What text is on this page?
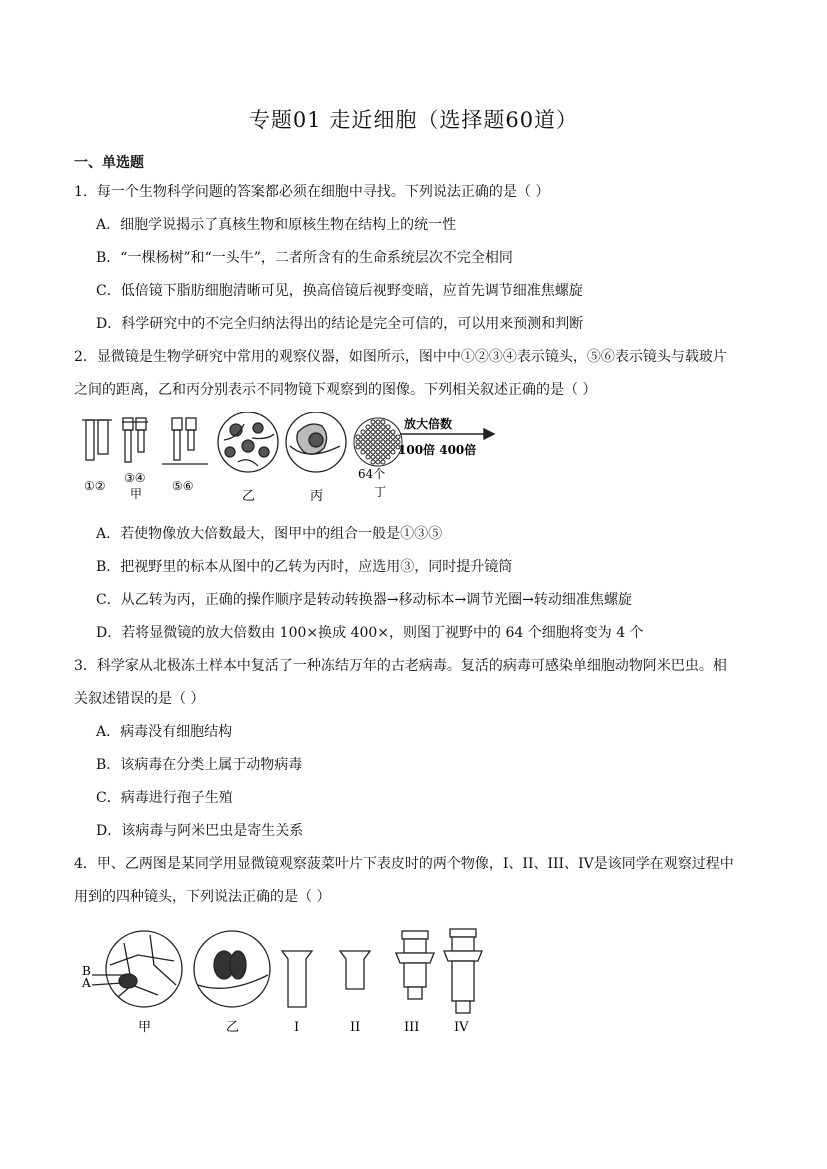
专题01 走近细胞（选择题60道）
一、单选题
1．每一个生物科学问题的答案都必须在细胞中寻找。下列说法正确的是（ ）
A．细胞学说揭示了真核生物和原核生物在结构上的统一性
B．“一棵杨树”和“一头牛”，二者所含有的生命系统层次不完全相同
C．低倍镜下脂肪细胞清晰可见，换高倍镜后视野变暗，应首先调节细准焦螺旋
D．科学研究中的不完全归纳法得出的结论是完全可信的，可以用来预测和判断
2．显微镜是生物学研究中常用的观察仪器，如图所示，图中中①②③④表示镜头，⑤⑥表示镜头与载玻片
之间的距离，乙和丙分别表示不同物镜下观察到的图像。下列相关叙述正确的是（ ）
①②
③④
甲
⑤⑥
乙	丙
64个
丁
放大倍数
100倍 400倍
A．若使物像放大倍数最大，图甲中的组合一般是①③⑤
B．把视野里的标本从图中的乙转为丙时，应选用③，同时提升镜筒
C．从乙转为丙，正确的操作顺序是转动转换器→移动标本→调节光圈→转动细准焦螺旋
D．若将显微镜的放大倍数由 100×换成 400×，则图丁视野中的 64 个细胞将变为 4 个
3．科学家从北极冻土样本中复活了一种冻结万年的古老病毒。复活的病毒可感染单细胞动物阿米巴虫。相
关叙述错误的是（ ）
A．病毒没有细胞结构
B．该病毒在分类上属于动物病毒
C．病毒进行孢子生殖
D．该病毒与阿米巴虫是寄生关系
4．甲、乙两图是某同学用显微镜观察菠菜叶片下表皮时的两个物像，I、II、III、IV是该同学在观察过程中
用到的四种镜头，下列说法正确的是（ ）
B
A
甲	乙	I	II	III	IV
